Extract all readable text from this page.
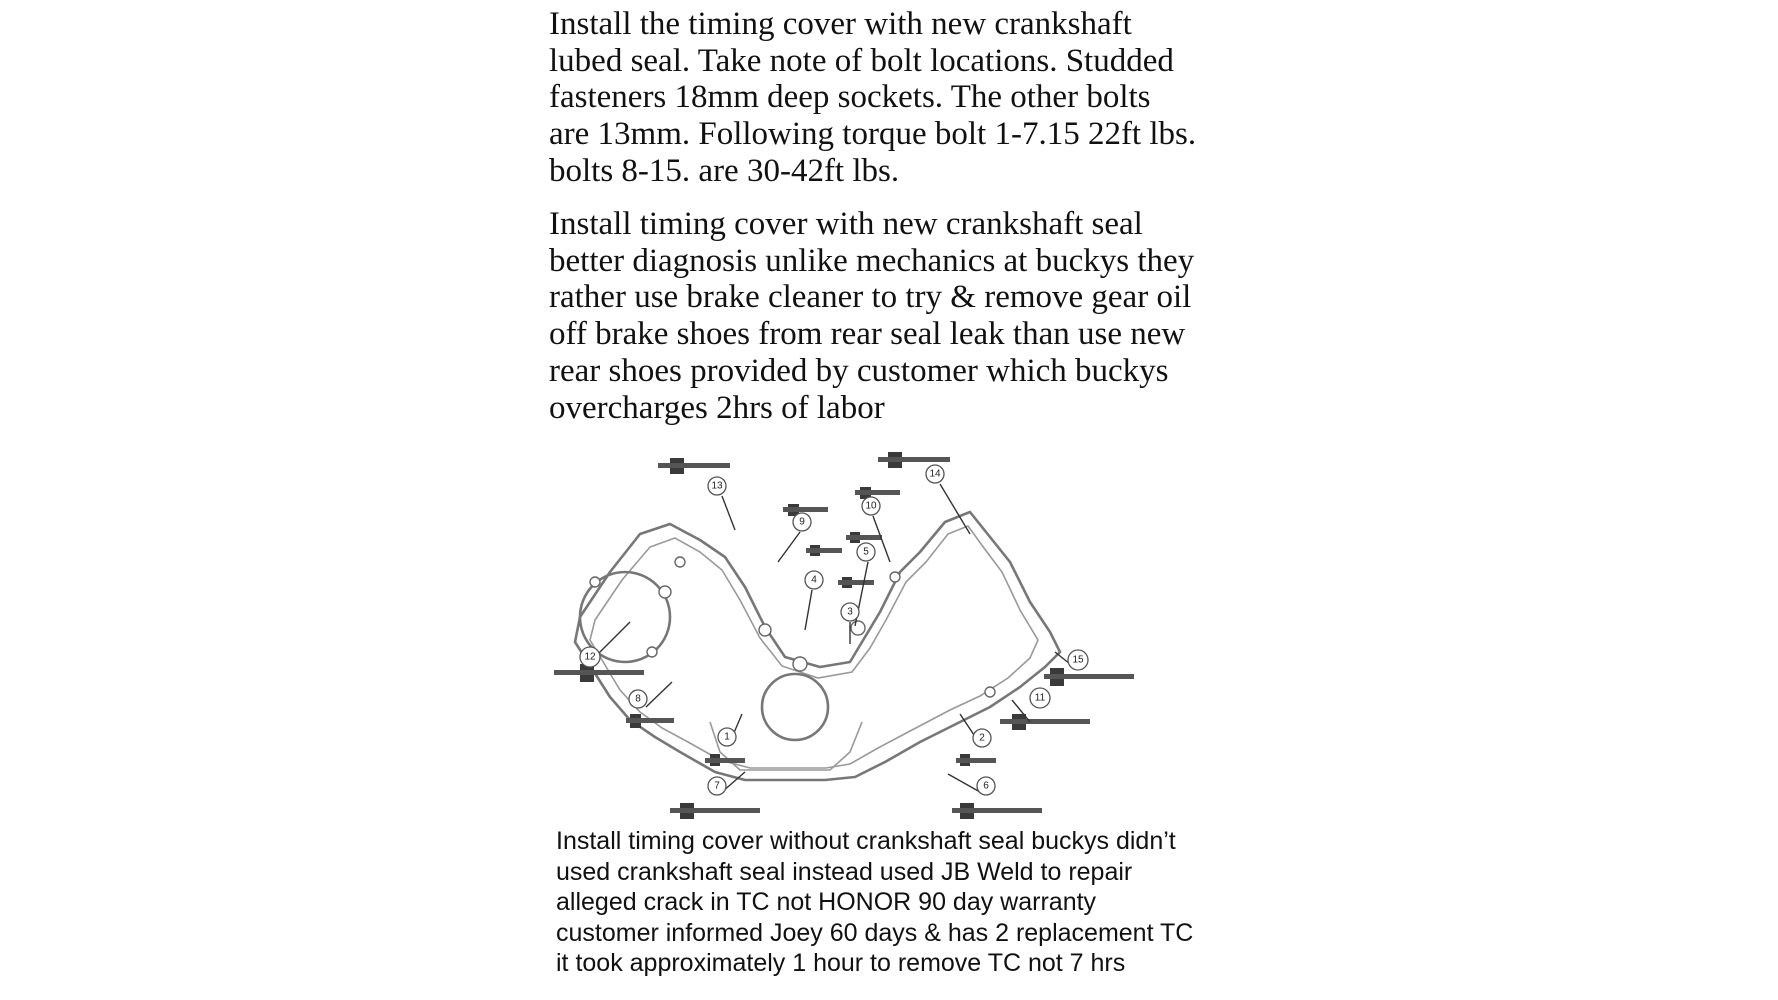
Install the timing cover with new crankshaft
lubed seal. Take note of bolt locations. Studded
fasteners 18mm deep sockets. The other bolts
are 13mm. Following torque bolt 1-7.15 22ft lbs.
bolts 8-15. are 30-42ft lbs.
Install timing cover with new crankshaft seal
better diagnosis unlike mechanics at buckys they
rather use brake cleaner to try & remove gear oil
off brake shoes from rear seal leak than use new
rear shoes provided by customer which buckys
overcharges 2hrs of labor
13
14
10
9
5
4
3
12	15
8	11
1	2
7	6
Install timing cover without crankshaft seal buckys didn’t
used crankshaft seal instead used JB Weld to repair
alleged crack in TC not HONOR 90 day warranty
customer informed Joey 60 days & has 2 replacement TC
it took approximately 1 hour to remove TC not 7 hrs
